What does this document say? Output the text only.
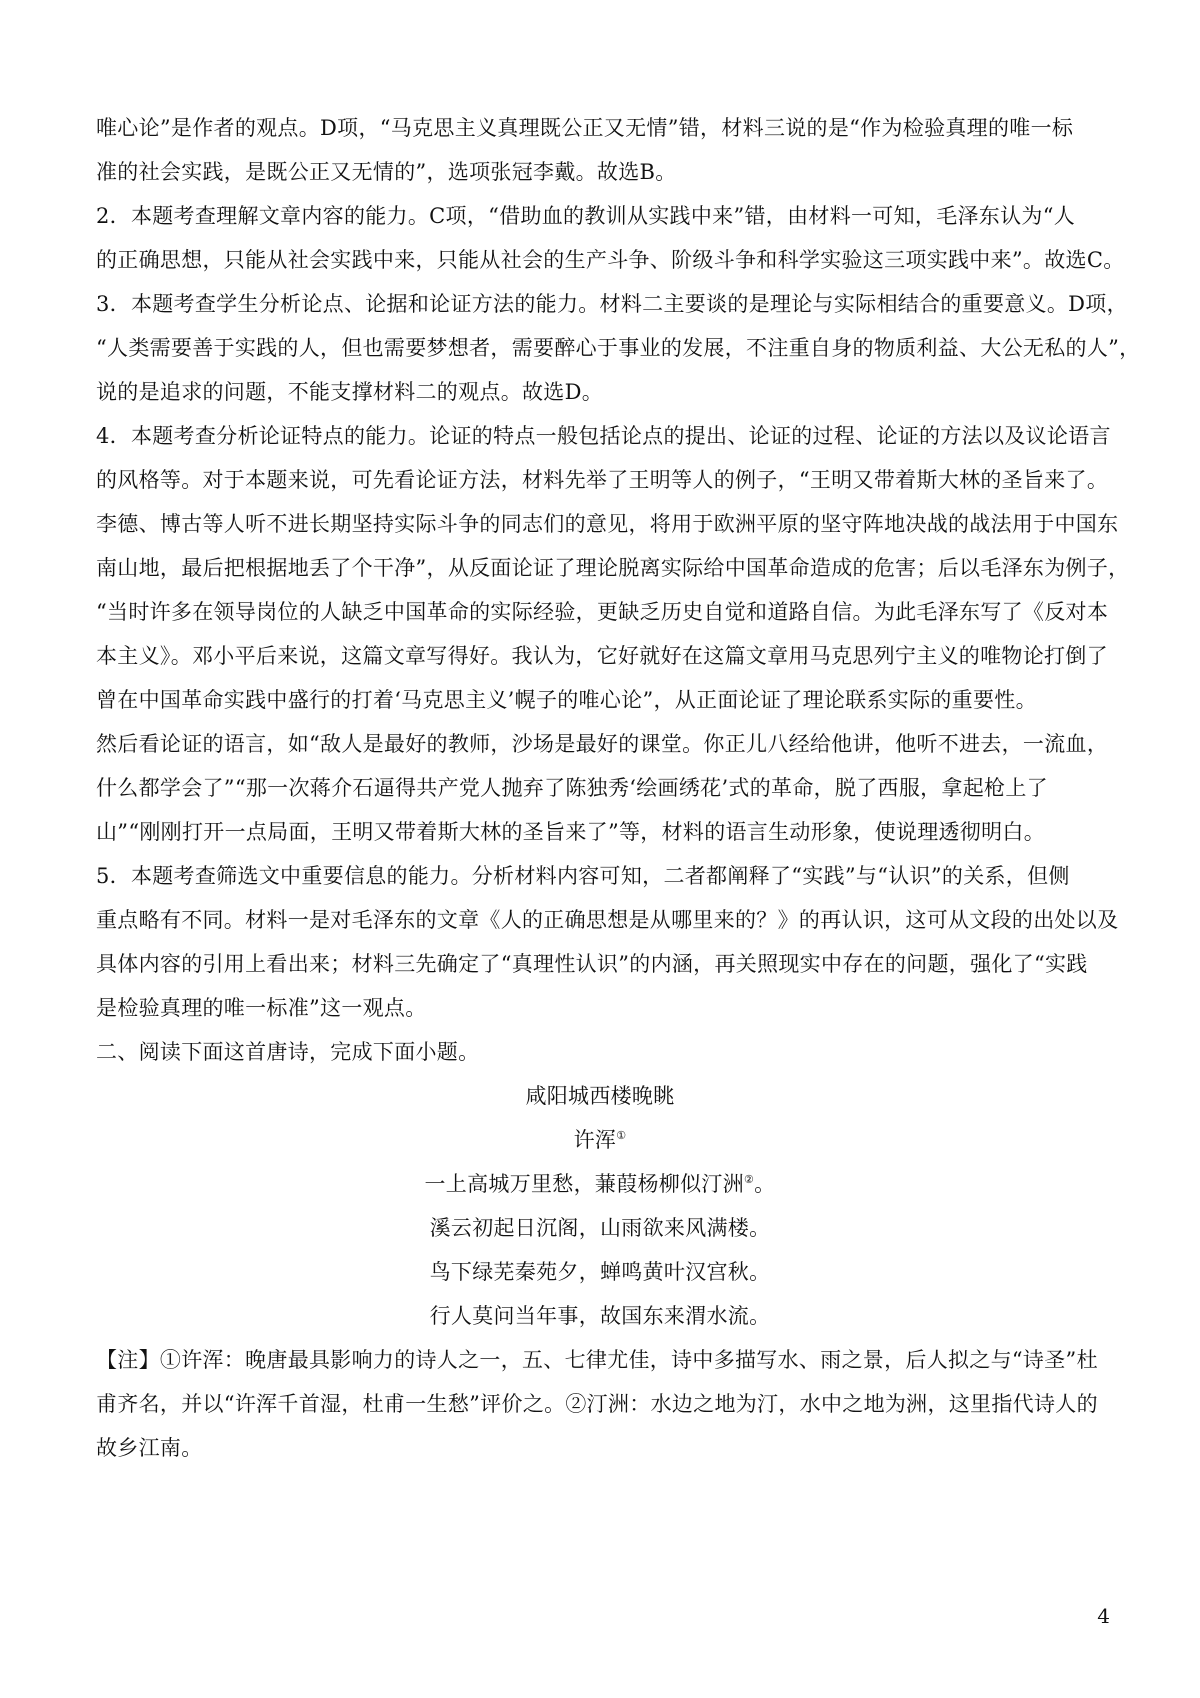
唯心论”是作者的观点。D项，“马克思主义真理既公正又无情”错，材料三说的是“作为检验真理的唯一标
准的社会实践，是既公正又无情的”，选项张冠李戴。故选B。
2．本题考查理解文章内容的能力。C项，“借助血的教训从实践中来”错，由材料一可知，毛泽东认为“人
的正确思想，只能从社会实践中来，只能从社会的生产斗争、阶级斗争和科学实验这三项实践中来”。故选C。
3．本题考查学生分析论点、论据和论证方法的能力。材料二主要谈的是理论与实际相结合的重要意义。D项，
“人类需要善于实践的人，但也需要梦想者，需要醉心于事业的发展，不注重自身的物质利益、大公无私的人”，
说的是追求的问题，不能支撑材料二的观点。故选D。
4．本题考查分析论证特点的能力。论证的特点一般包括论点的提出、论证的过程、论证的方法以及议论语言
的风格等。对于本题来说，可先看论证方法，材料先举了王明等人的例子，“王明又带着斯大林的圣旨来了。
李德、博古等人听不进长期坚持实际斗争的同志们的意见，将用于欧洲平原的坚守阵地决战的战法用于中国东
南山地，最后把根据地丢了个干净”，从反面论证了理论脱离实际给中国革命造成的危害；后以毛泽东为例子，
“当时许多在领导岗位的人缺乏中国革命的实际经验，更缺乏历史自觉和道路自信。为此毛泽东写了《反对本
本主义》。邓小平后来说，这篇文章写得好。我认为，它好就好在这篇文章用马克思列宁主义的唯物论打倒了
曾在中国革命实践中盛行的打着‘马克思主义’幌子的唯心论”，从正面论证了理论联系实际的重要性。
然后看论证的语言，如“敌人是最好的教师，沙场是最好的课堂。你正儿八经给他讲，他听不进去，一流血，
什么都学会了”“那一次蒋介石逼得共产党人抛弃了陈独秀‘绘画绣花’式的革命，脱了西服，拿起枪上了
山”“刚刚打开一点局面，王明又带着斯大林的圣旨来了”等，材料的语言生动形象，使说理透彻明白。
5．本题考查筛选文中重要信息的能力。分析材料内容可知，二者都阐释了“实践”与“认识”的关系，但侧
重点略有不同。材料一是对毛泽东的文章《人的正确思想是从哪里来的？》的再认识，这可从文段的出处以及
具体内容的引用上看出来；材料三先确定了“真理性认识”的内涵，再关照现实中存在的问题，强化了“实践
是检验真理的唯一标准”这一观点。
二、阅读下面这首唐诗，完成下面小题。
咸阳城西楼晚眺
许浑①
一上高城万里愁，蒹葭杨柳似汀洲②。
溪云初起日沉阁，山雨欲来风满楼。
鸟下绿芜秦苑夕，蝉鸣黄叶汉宫秋。
行人莫问当年事，故国东来渭水流。
【注】①许浑：晚唐最具影响力的诗人之一，五、七律尤佳，诗中多描写水、雨之景，后人拟之与“诗圣”杜
甫齐名，并以“许浑千首湿，杜甫一生愁”评价之。②汀洲：水边之地为汀，水中之地为洲，这里指代诗人的
故乡江南。
4
